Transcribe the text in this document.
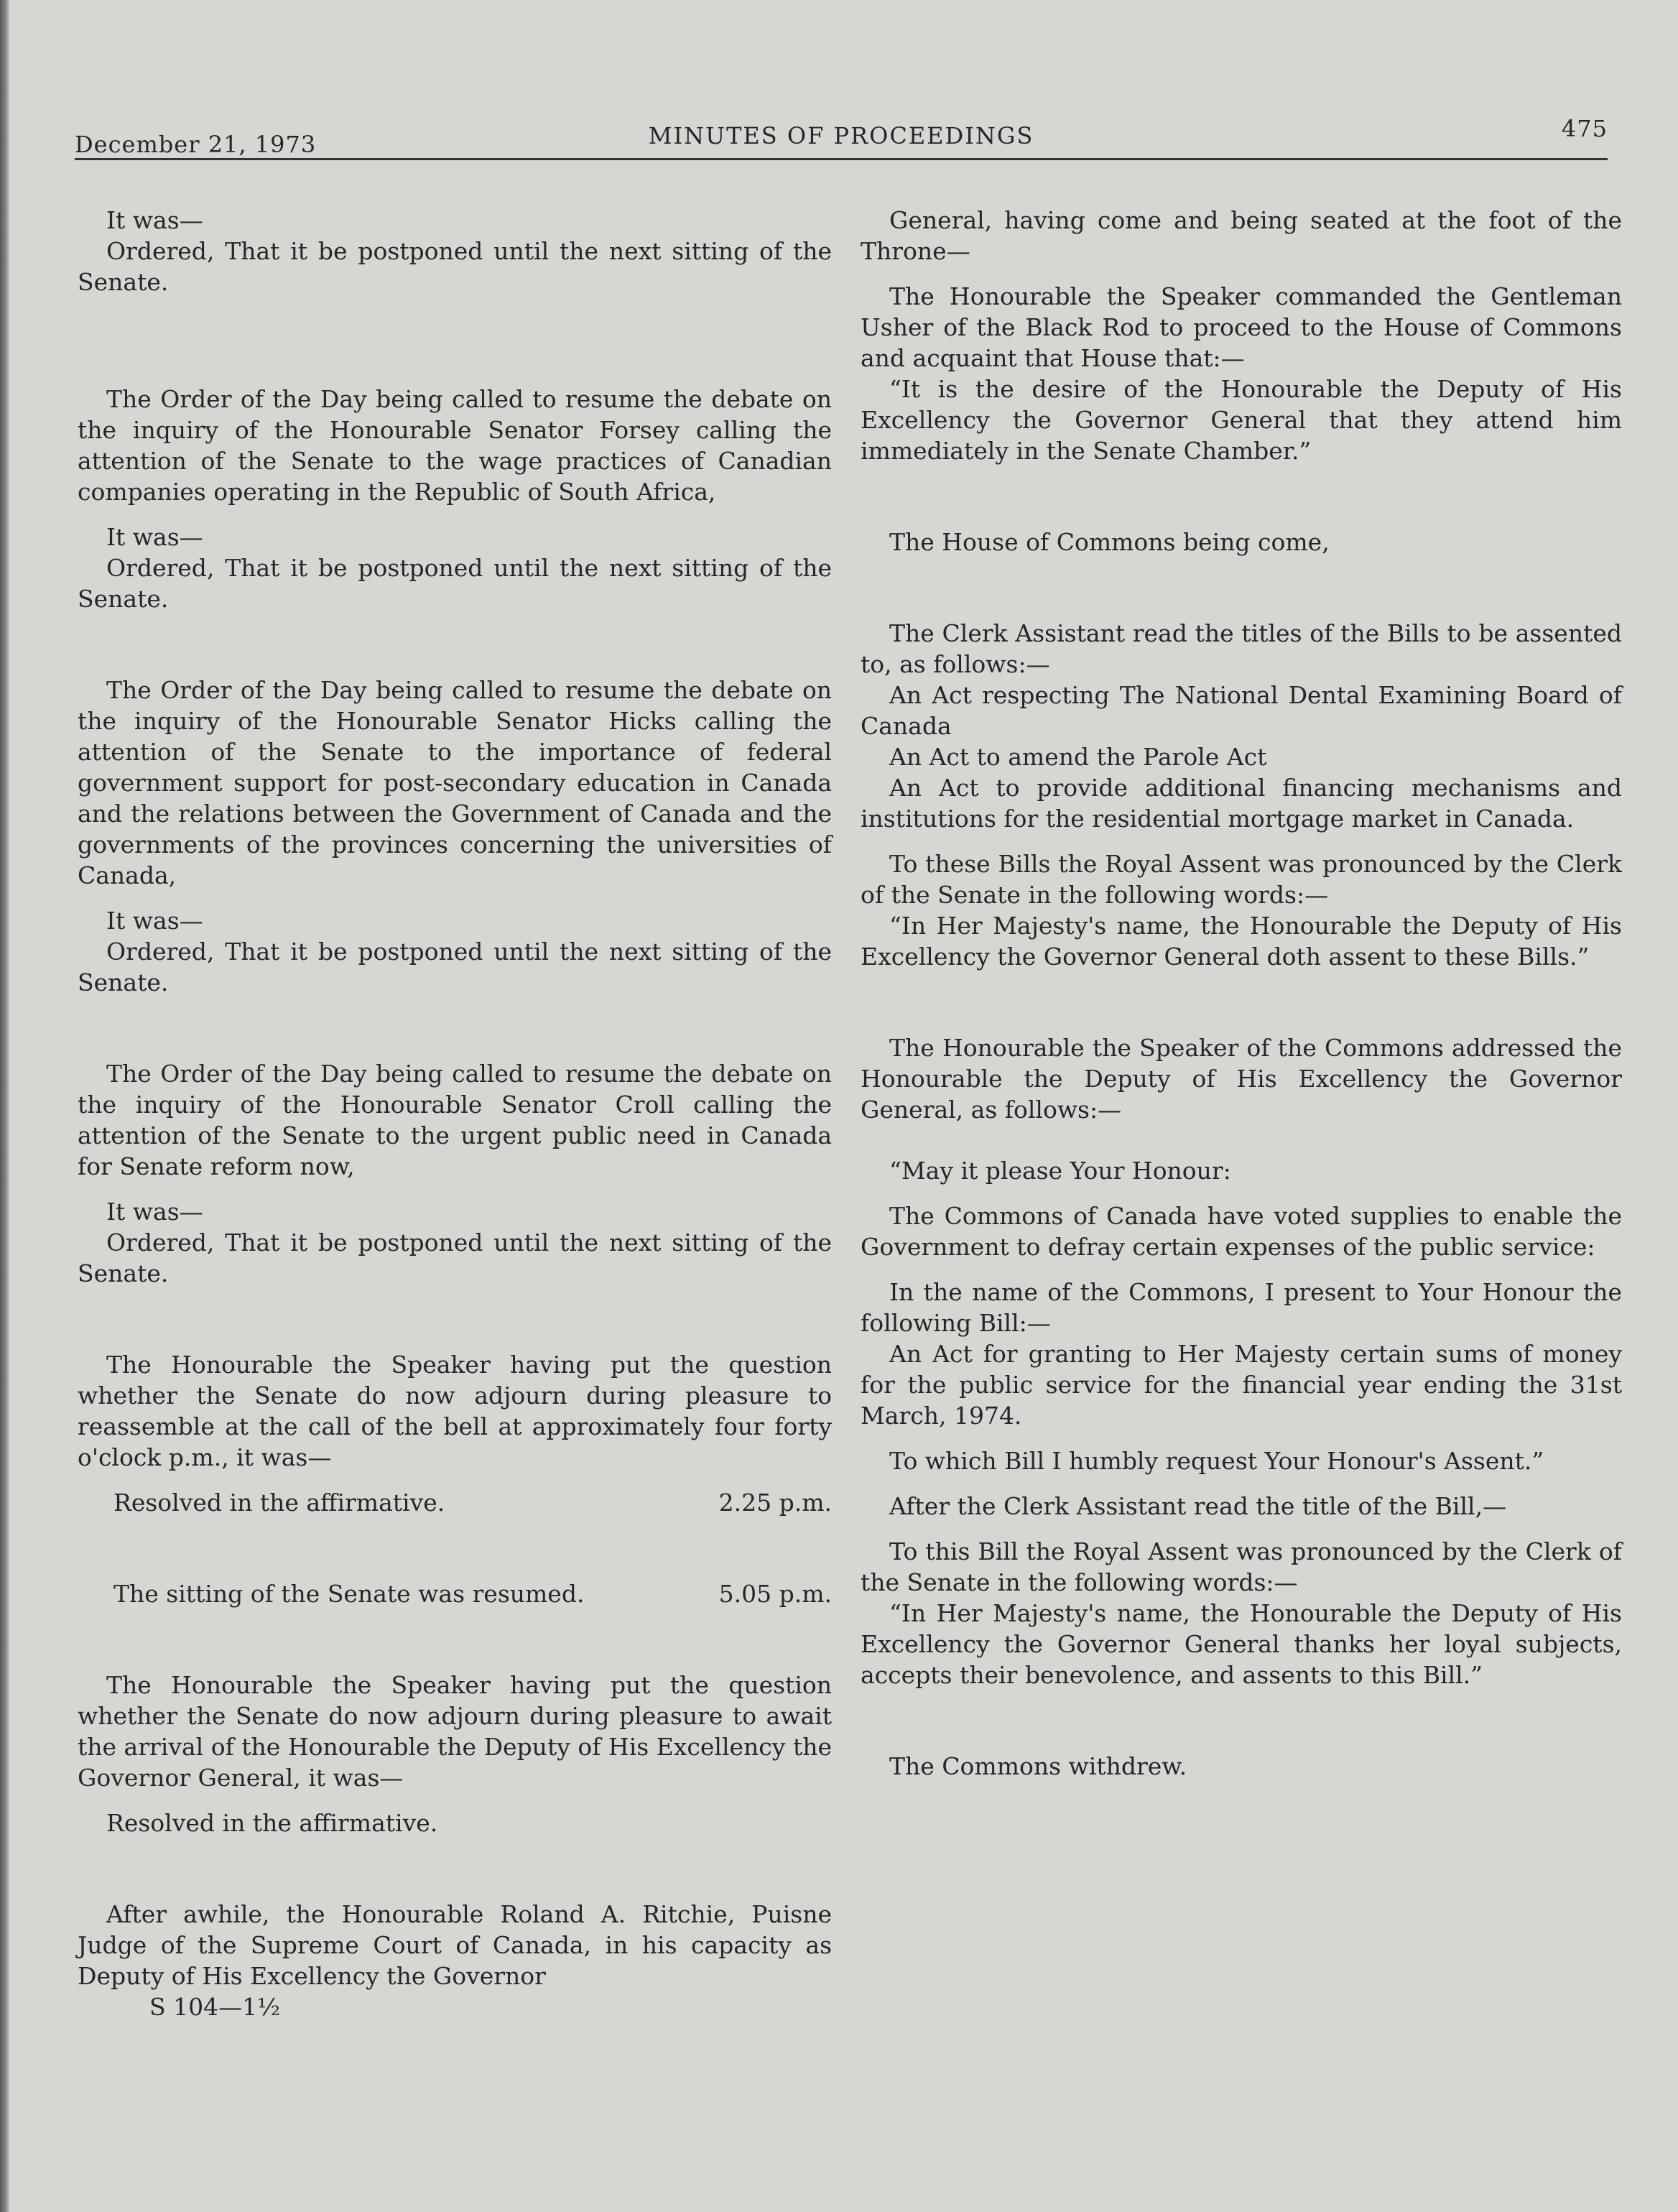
December 21, 1973	MINUTES OF PROCEEDINGS	475

It was—

Ordered, That it be postponed until the next sitting of the Senate.

The Order of the Day being called to resume the debate on the inquiry of the Honourable Senator Forsey calling the attention of the Senate to the wage practices of Canadian companies operating in the Republic of South Africa,

It was—

Ordered, That it be postponed until the next sitting of the Senate.

The Order of the Day being called to resume the debate on the inquiry of the Honourable Senator Hicks calling the attention of the Senate to the importance of federal government support for post-secondary education in Canada and the relations between the Government of Canada and the governments of the provinces concerning the universities of Canada,

It was—

Ordered, That it be postponed until the next sitting of the Senate.

The Order of the Day being called to resume the debate on the inquiry of the Honourable Senator Croll calling the attention of the Senate to the urgent public need in Canada for Senate reform now,

It was—

Ordered, That it be postponed until the next sitting of the Senate.

The Honourable the Speaker having put the question whether the Senate do now adjourn during pleasure to reassemble at the call of the bell at approximately four forty o'clock p.m., it was—

Resolved in the affirmative.	2.25 p.m.
The sitting of the Senate was resumed.	5.05 p.m.

The Honourable the Speaker having put the question whether the Senate do now adjourn during pleasure to await the arrival of the Honourable the Deputy of His Excellency the Governor General, it was—

Resolved in the affirmative.

After awhile, the Honourable Roland A. Ritchie, Puisne Judge of the Supreme Court of Canada, in his capacity as Deputy of His Excellency the Governor

S 104—1½

General, having come and being seated at the foot of the Throne—

The Honourable the Speaker commanded the Gentleman Usher of the Black Rod to proceed to the House of Commons and acquaint that House that:—

“It is the desire of the Honourable the Deputy of His Excellency the Governor General that they attend him immediately in the Senate Chamber.”

The House of Commons being come,

The Clerk Assistant read the titles of the Bills to be assented to, as follows:—

An Act respecting The National Dental Examining Board of Canada

An Act to amend the Parole Act

An Act to provide additional financing mechanisms and institutions for the residential mortgage market in Canada.

To these Bills the Royal Assent was pronounced by the Clerk of the Senate in the following words:—

“In Her Majesty's name, the Honourable the Deputy of His Excellency the Governor General doth assent to these Bills.”

The Honourable the Speaker of the Commons addressed the Honourable the Deputy of His Excellency the Governor General, as follows:—

“May it please Your Honour:

The Commons of Canada have voted supplies to enable the Government to defray certain expenses of the public service:

In the name of the Commons, I present to Your Honour the following Bill:—

An Act for granting to Her Majesty certain sums of money for the public service for the financial year ending the 31st March, 1974.

To which Bill I humbly request Your Honour's Assent.”

After the Clerk Assistant read the title of the Bill,—

To this Bill the Royal Assent was pronounced by the Clerk of the Senate in the following words:—

“In Her Majesty's name, the Honourable the Deputy of His Excellency the Governor General thanks her loyal subjects, accepts their benevolence, and assents to this Bill.”

The Commons withdrew.
